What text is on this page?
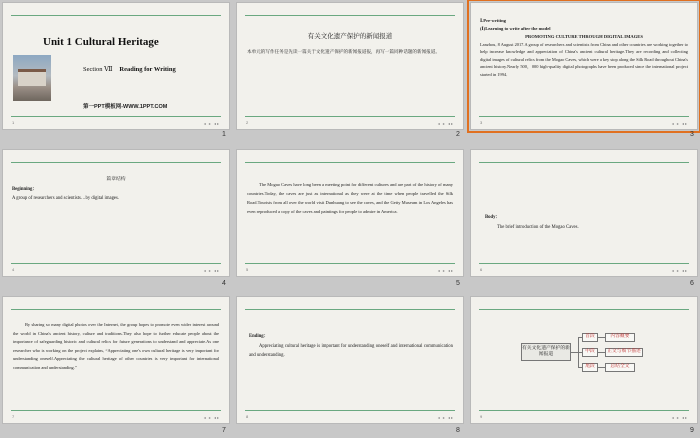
Unit 1 Cultural Heritage
Section Ⅶ Reading for Writing
第一PPT模板网-WWW.1PPT.COM
1	◂ ▸ ◂▸
1
有关文化遗产保护的新闻报道
本单元的写作任务是先读一篇关于文化遗产保护的新闻报道报，再写一篇同种话题的新闻报道。
2	◂ ▸ ◂▸
2
Ⅰ.Pre-writing
(Ⅰ)Learning to write after the model
PROMOTING CULTURE THROUGH DIGITAL IMAGES
Lanzhou, 8 August 2017.A group of researchers and scientists from China and other countries are working together to help increase knowledge and appreciation of China's ancient cultural heritage.They are recording and collecting digital images of cultural relics from the Mogao Caves, which were a key stop along the Silk Road throughout China's ancient history.Nearly 500，000 high-quality digital photographs have been produced since the international project started in 1994．
3	◂ ▸ ◂▸
3
篇章结构
Beginning：
A group of researchers and scientists…by digital images.
4	◂ ▸ ◂▸
4
The Mogao Caves have long been a meeting point for different cultures and are part of the history of many countries.Today, the caves are just as international as they were at the time when people travelled the Silk Road.Tourists from all over the world visit Dunhuang to see the caves, and the Getty Museum in Los Angeles has even reproduced a copy of the caves and paintings for people to admire in America.
5	◂ ▸ ◂▸
5
Body：
The brief introduction of the Mogao Caves.
6	◂ ▸ ◂▸
6
By sharing so many digital photos over the Internet, the group hopes to promote even wider interest around the world in China's ancient history, culture and traditions.They also hope to further educate people about the importance of safeguarding historic and cultural relics for future generations to understand and appreciate.As one researcher who is working on the project explains, “Appreciating one's own cultural heritage is very important for understanding oneself.Appreciating the cultural heritage of other countries is very important for international communication and understanding.”
7	◂ ▸ ◂▸
7
Ending：
Appreciating cultural heritage is important for understanding oneself and international communication and understanding.
8	◂ ▸ ◂▸
8
有关文化遗产保护的新闻报道
首段
中段
尾段
内容概要
正文与细节描述
总结全文
9	◂ ▸ ◂▸
9
